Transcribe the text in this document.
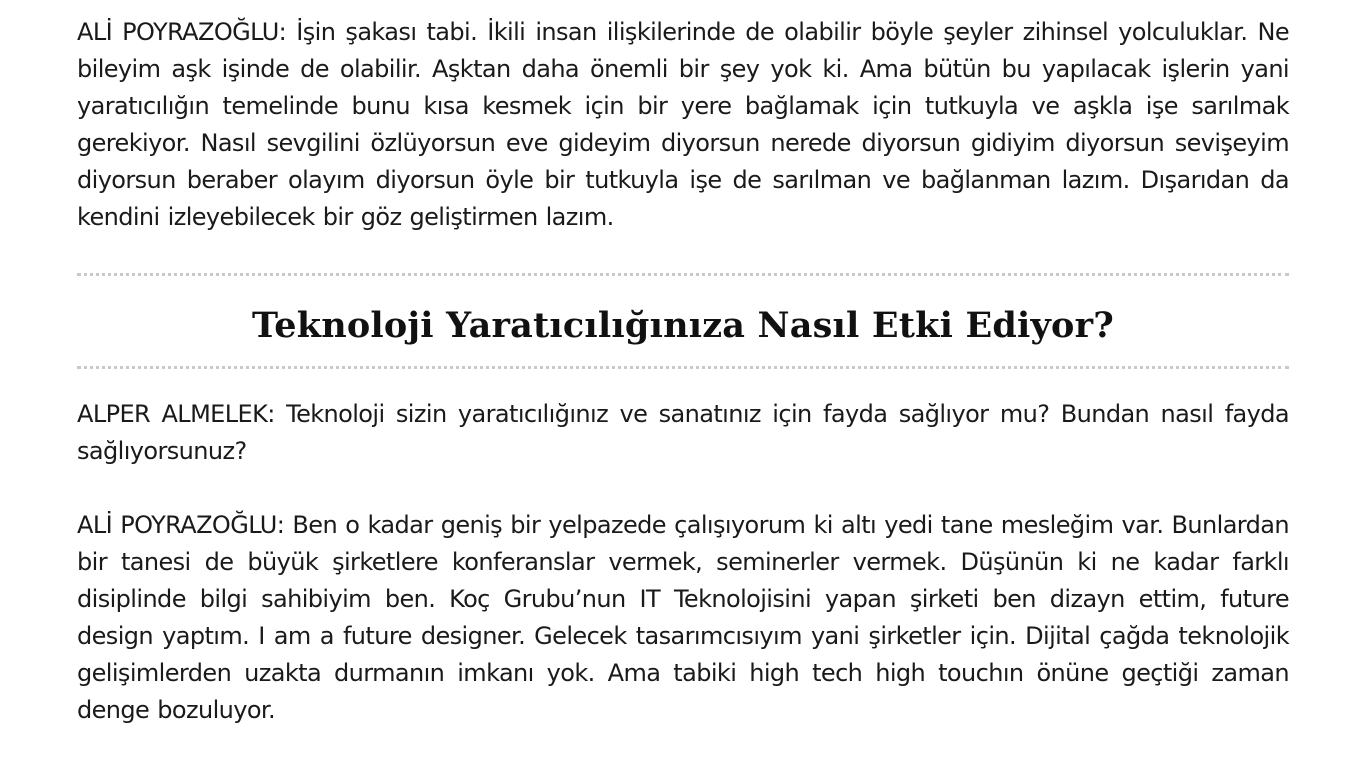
ALİ POYRAZOĞLU: İşin şakası tabi. İkili insan ilişkilerinde de olabilir böyle şeyler zihinsel yolculuklar. Ne bileyim aşk işinde de olabilir. Aşktan daha önemli bir şey yok ki. Ama bütün bu yapılacak işlerin yani yaratıcılığın temelinde bunu kısa kesmek için bir yere bağlamak için tutkuyla ve aşkla işe sarılmak gerekiyor. Nasıl sevgilini özlüyorsun eve gideyim diyorsun nerede diyorsun gidiyim diyorsun sevişeyim diyorsun beraber olayım diyorsun öyle bir tutkuyla işe de sarılman ve bağlanman lazım. Dışarıdan da kendini izleyebilecek bir göz geliştirmen lazım.

Teknoloji Yaratıcılığınıza Nasıl Etki Ediyor?

ALPER ALMELEK: Teknoloji sizin yaratıcılığınız ve sanatınız için fayda sağlıyor mu? Bundan nasıl fayda sağlıyorsunuz?

ALİ POYRAZOĞLU: Ben o kadar geniş bir yelpazede çalışıyorum ki altı yedi tane mesleğim var. Bunlardan bir tanesi de büyük şirketlere konferanslar vermek, seminerler vermek. Düşünün ki ne kadar farklı disiplinde bilgi sahibiyim ben. Koç Grubu’nun IT Teknolojisini yapan şirketi ben dizayn ettim, future design yaptım. I am a future designer. Gelecek tasarımcısıyım yani şirketler için. Dijital çağda teknolojik gelişimlerden uzakta durmanın imkanı yok. Ama tabiki high tech high touchın önüne geçtiği zaman denge bozuluyor.
